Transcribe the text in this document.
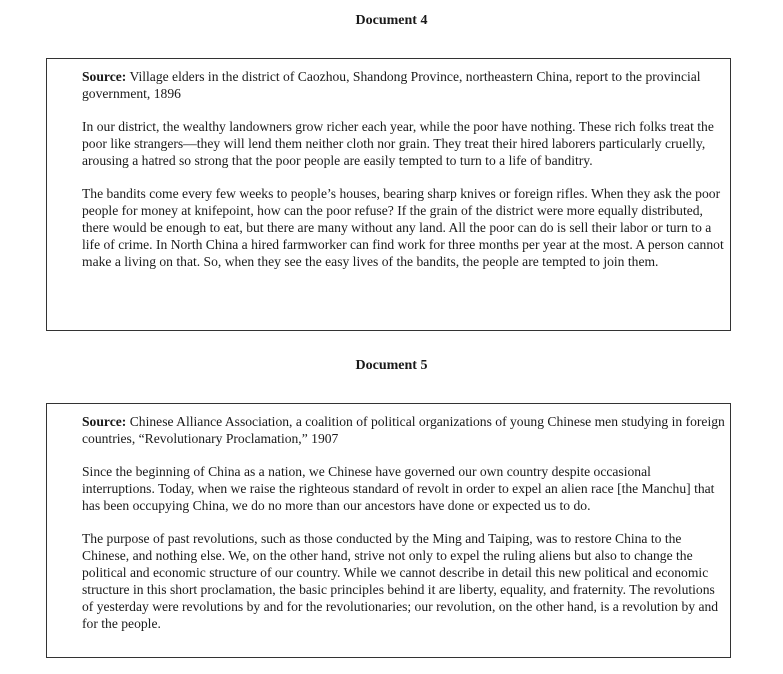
Document 4

Source: Village elders in the district of Caozhou, Shandong Province, northeastern China, report to the provincial government, 1896

In our district, the wealthy landowners grow richer each year, while the poor have nothing. These rich folks treat the poor like strangers—they will lend them neither cloth nor grain. They treat their hired laborers particularly cruelly, arousing a hatred so strong that the poor people are easily tempted to turn to a life of banditry.

The bandits come every few weeks to people’s houses, bearing sharp knives or foreign rifles. When they ask the poor people for money at knifepoint, how can the poor refuse? If the grain of the district were more equally distributed, there would be enough to eat, but there are many without any land. All the poor can do is sell their labor or turn to a life of crime. In North China a hired farmworker can find work for three months per year at the most. A person cannot make a living on that. So, when they see the easy lives of the bandits, the people are tempted to join them.

Document 5

Source: Chinese Alliance Association, a coalition of political organizations of young Chinese men studying in foreign countries, “Revolutionary Proclamation,” 1907

Since the beginning of China as a nation, we Chinese have governed our own country despite occasional interruptions. Today, when we raise the righteous standard of revolt in order to expel an alien race [the Manchu] that has been occupying China, we do no more than our ancestors have done or expected us to do.

The purpose of past revolutions, such as those conducted by the Ming and Taiping, was to restore China to the Chinese, and nothing else. We, on the other hand, strive not only to expel the ruling aliens but also to change the political and economic structure of our country. While we cannot describe in detail this new political and economic structure in this short proclamation, the basic principles behind it are liberty, equality, and fraternity. The revolutions of yesterday were revolutions by and for the revolutionaries; our revolution, on the other hand, is a revolution by and for the people.
